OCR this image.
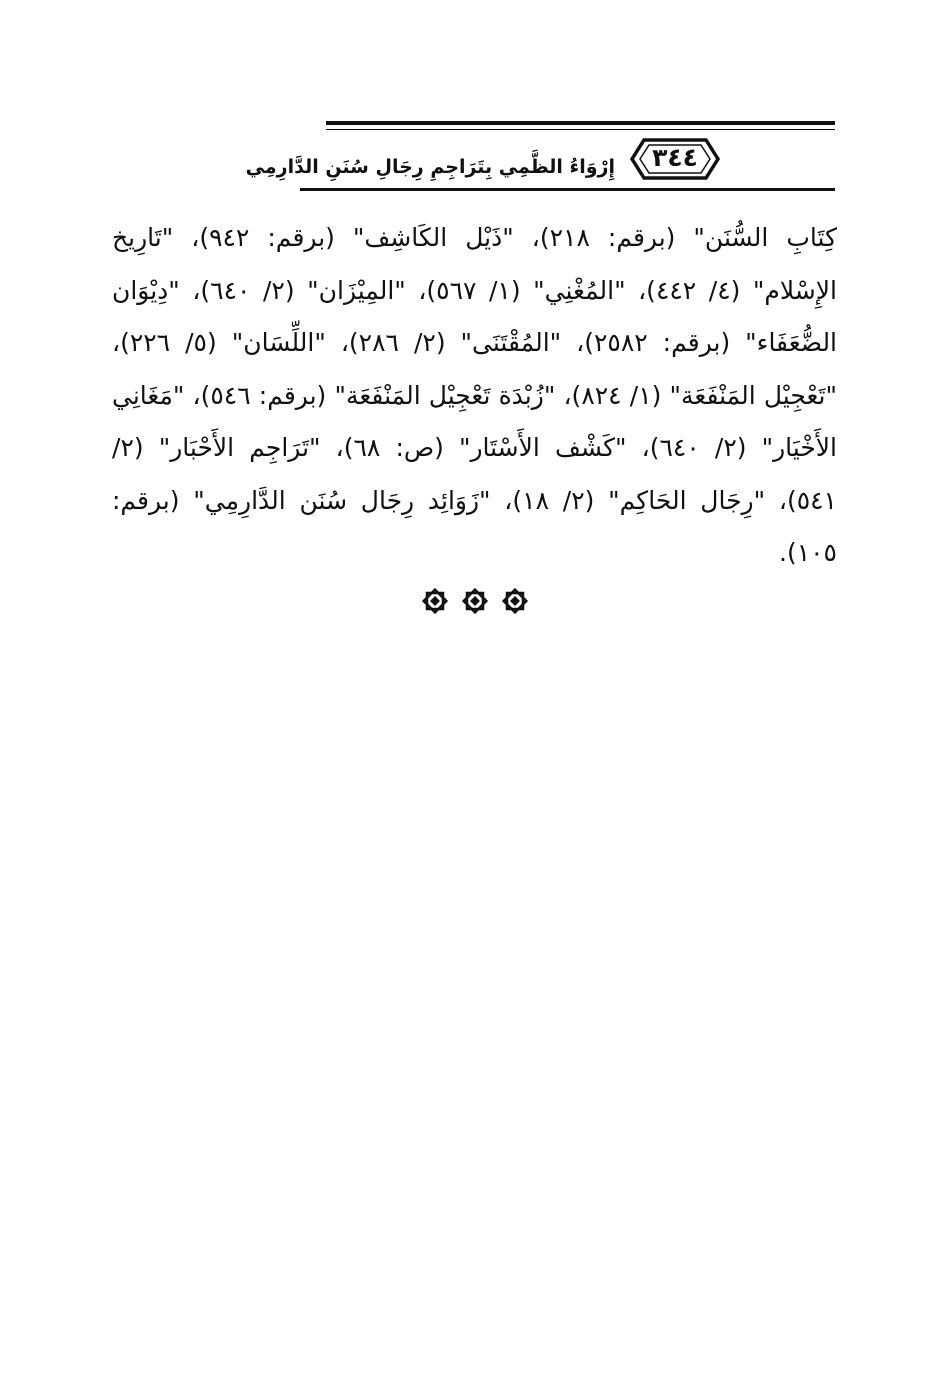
٣٤٤
إِرْوَاءُ الظَّمِي بِتَرَاجِمِ رِجَالِ سُنَنِ الدَّارِمِي
كِتَابِ السُّنَن" (برقم: ٢١٨)، "ذَيْل الكَاشِف" (برقم: ٩٤٢)، "تَارِيخ الإِسْلام" (٤/ ٤٤٢)، "المُغْنِي" (١/ ٥٦٧)، "المِيْزَان" (٢/ ٦٤٠)، "دِيْوَان الضُّعَفَاء" (برقم: ٢٥٨٢)، "المُقْتَنَى" (٢/ ٢٨٦)، "اللِّسَان" (٥/ ٢٢٦)، "تَعْجِيْل المَنْفَعَة" (١/ ٨٢٤)، "زُبْدَة تَعْجِيْل المَنْفَعَة" (برقم: ٥٤٦)، "مَغَانِي الأَخْيَار" (٢/ ٦٤٠)، "كَشْف الأَسْتَار" (ص: ٦٨)، "تَرَاجِم الأَحْبَار" (٢/ ٥٤١)، "رِجَال الحَاكِم" (٢/ ١٨)، "زَوَائِد رِجَال سُنَن الدَّارِمِي" (برقم: ١٠٥).
